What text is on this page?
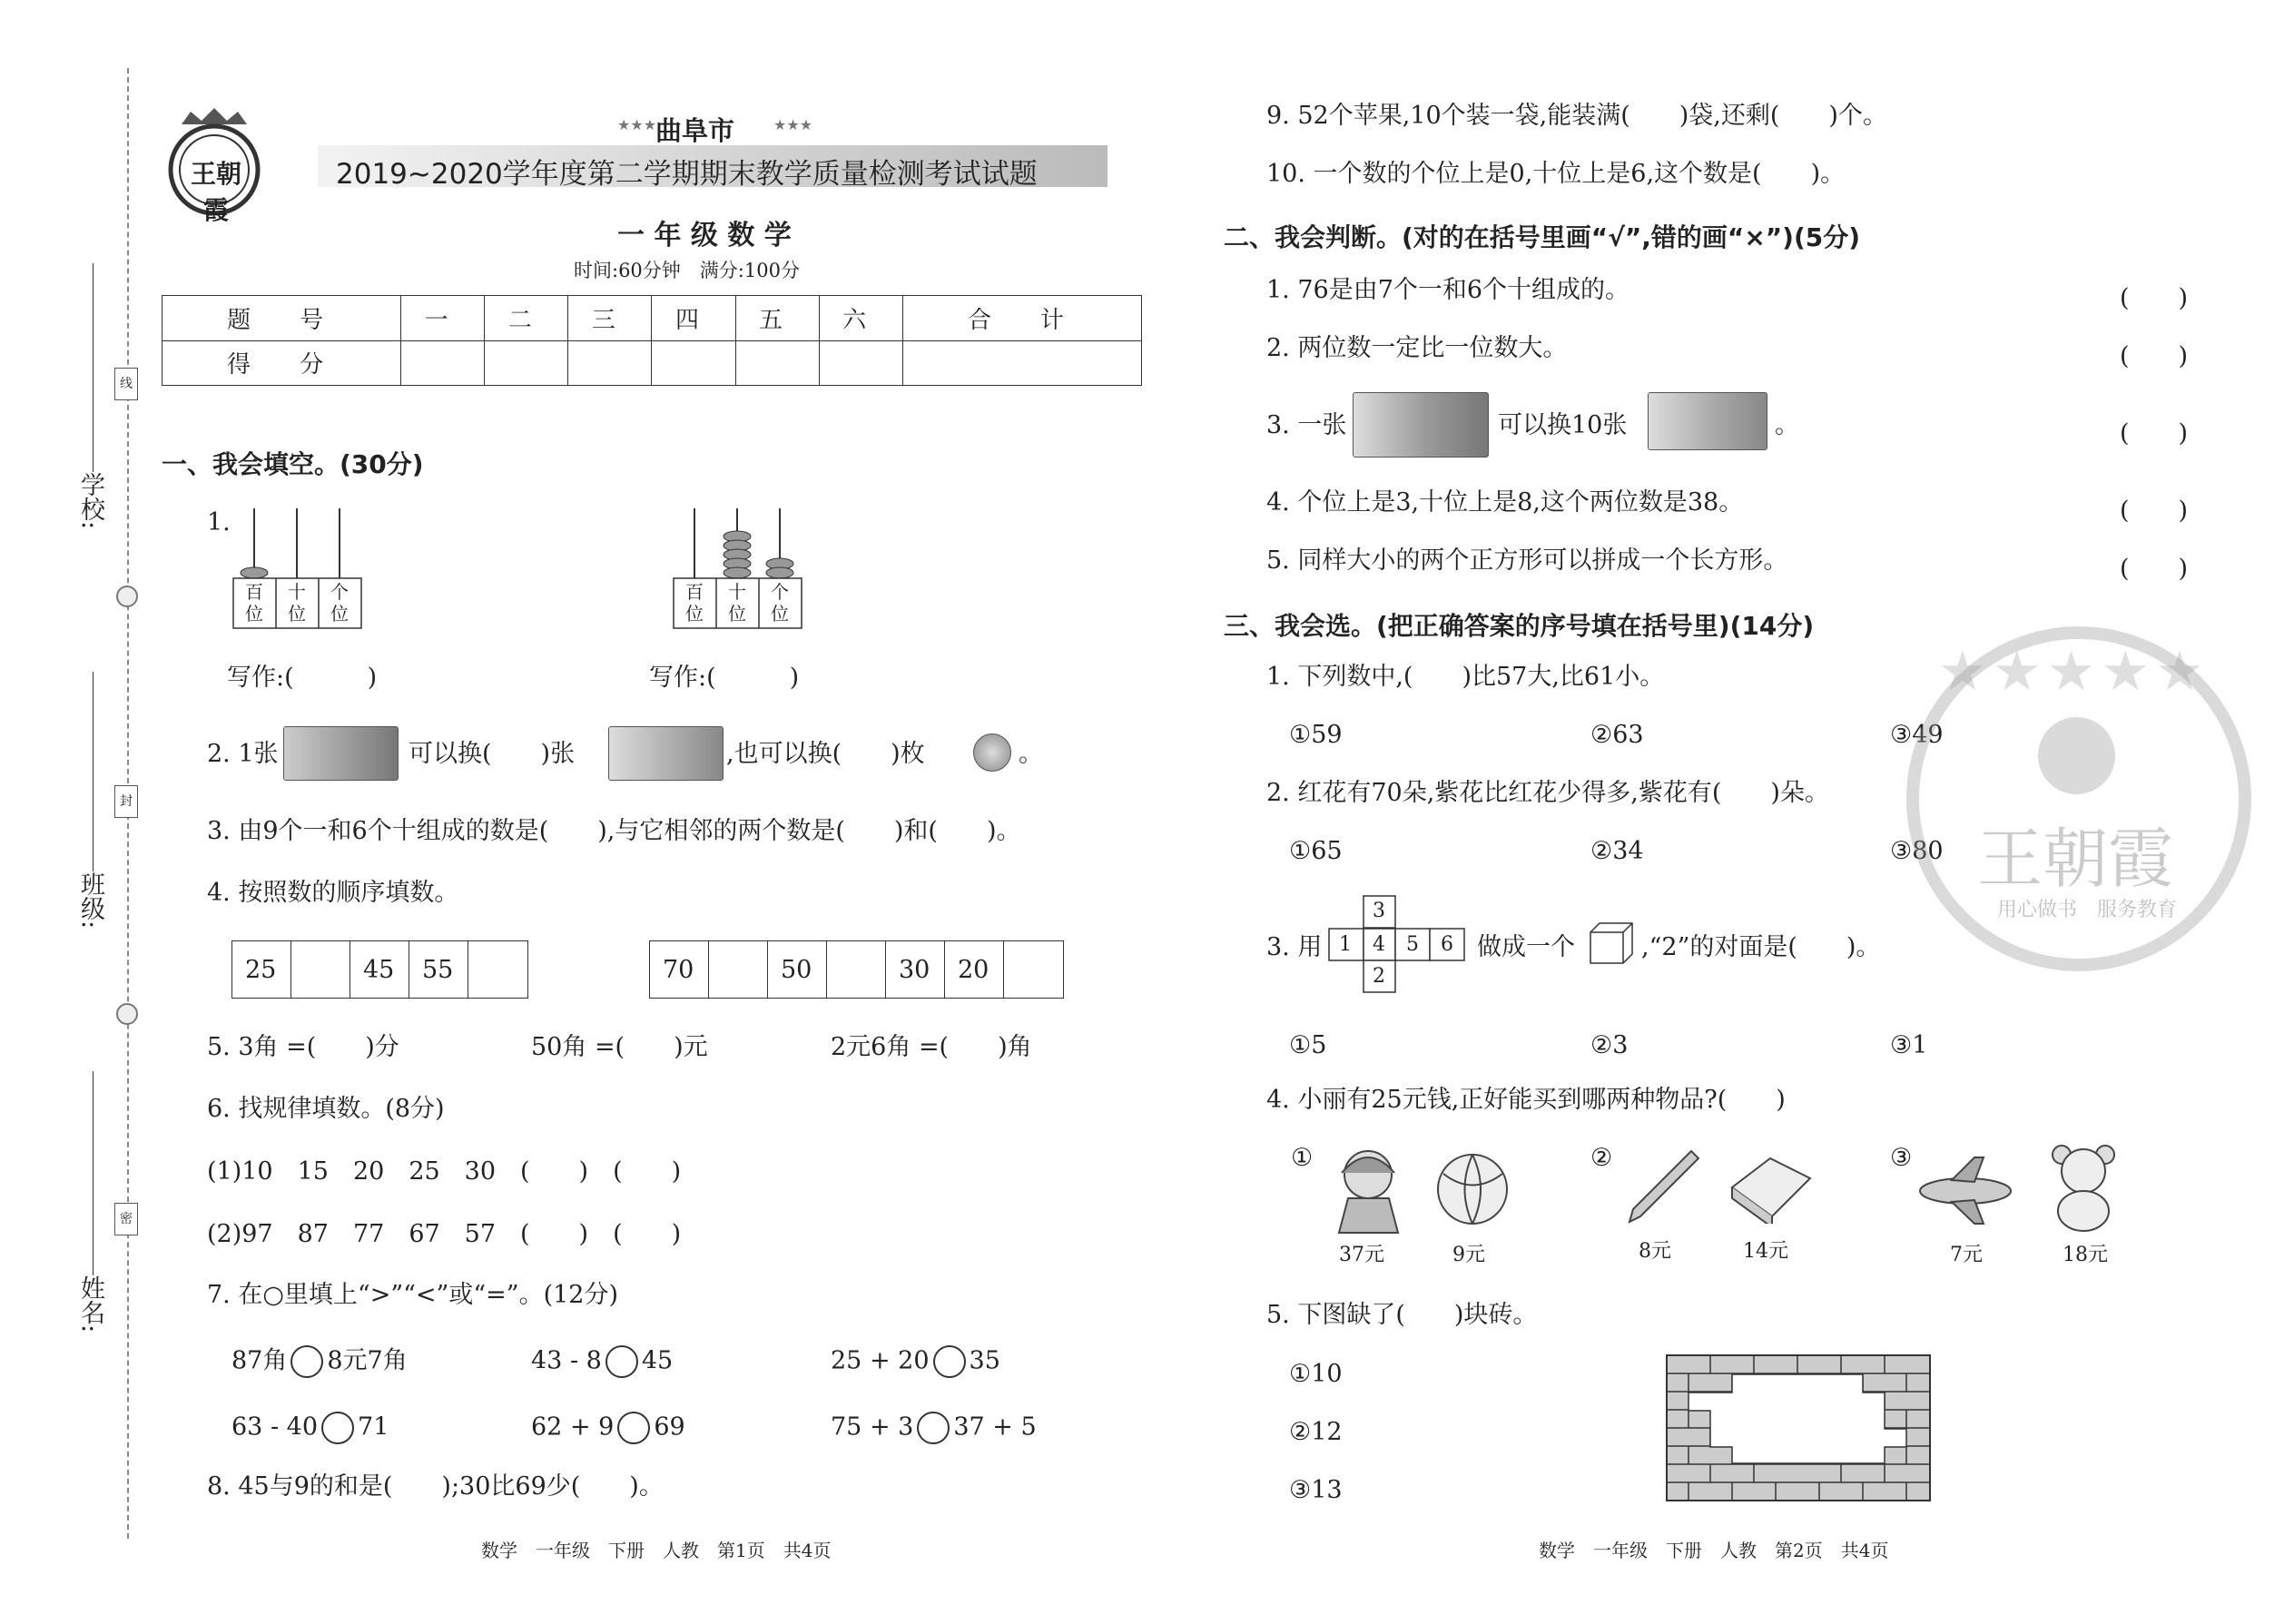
学校:
班级:
姓名:
线
封
密
王朝霞
★★★
曲阜市	★★★
2019~2020学年度第二学期期末教学质量检测考试试题
一 年 级 数 学
时间:60分钟　满分:100分
题　号	一	二	三	四	五	六	合　计
得　分							
一、我会填空。(30分)
1.
百位
十位
个位
百位
十位
个位
写作:(　　　)	写作:(　　　)
2. 1张	可以换(　　)张	,也可以换(　　)枚	。
3. 由9个一和6个十组成的数是(　　),与它相邻的两个数是(　　)和(　　)。
4. 按照数的顺序填数。
25	45	55	70	50	30	20
5. 3角 =(　　)分	50角 =(　　)元	2元6角 =(　　)角
6. 找规律填数。(8分)
(1)10　15　20　25　30　(　　)　(　　)
(2)97　87　77　67　57　(　　)　(　　)
7. 在○里填上“>”“<”或“=”。(12分)
87角 8元7角	43 - 8 45	25 + 20 35
63 - 40 71	62 + 9 69	75 + 3 37 + 5
8. 45与9的和是(　　);30比69少(　　)。
数学　一年级　下册　人教　第1页　共4页
9. 52个苹果,10个装一袋,能装满(　　)袋,还剩(　　)个。
10. 一个数的个位上是0,十位上是6,这个数是(　　)。
二、我会判断。(对的在括号里画“√”,错的画“×”)(5分)
1. 76是由7个一和6个十组成的。	(　　)
2. 两位数一定比一位数大。	(　　)
3. 一张	可以换10张	。	(　　)
4. 个位上是3,十位上是8,这个两位数是38。	(　　)
5. 同样大小的两个正方形可以拼成一个长方形。	(　　)
三、我会选。(把正确答案的序号填在括号里)(14分)
1. 下列数中,(　　)比57大,比61小。
①59	②63	③49
2. 红花有70朵,紫花比红花少得多,紫花有(　　)朵。
①65	②34	③80
3. 用
3
1 4 5 6
2
做成一个	,“2”的对面是(　　)。
①5	②3	③1
4. 小丽有25元钱,正好能买到哪两种物品?(　　)
①	②	③
37元	9元	8元	14元	7元	18元
5. 下图缺了(　　)块砖。
①10
②12
③13
数学　一年级　下册　人教　第2页　共4页
★★★★★
王朝霞
用心做书　服务教育
